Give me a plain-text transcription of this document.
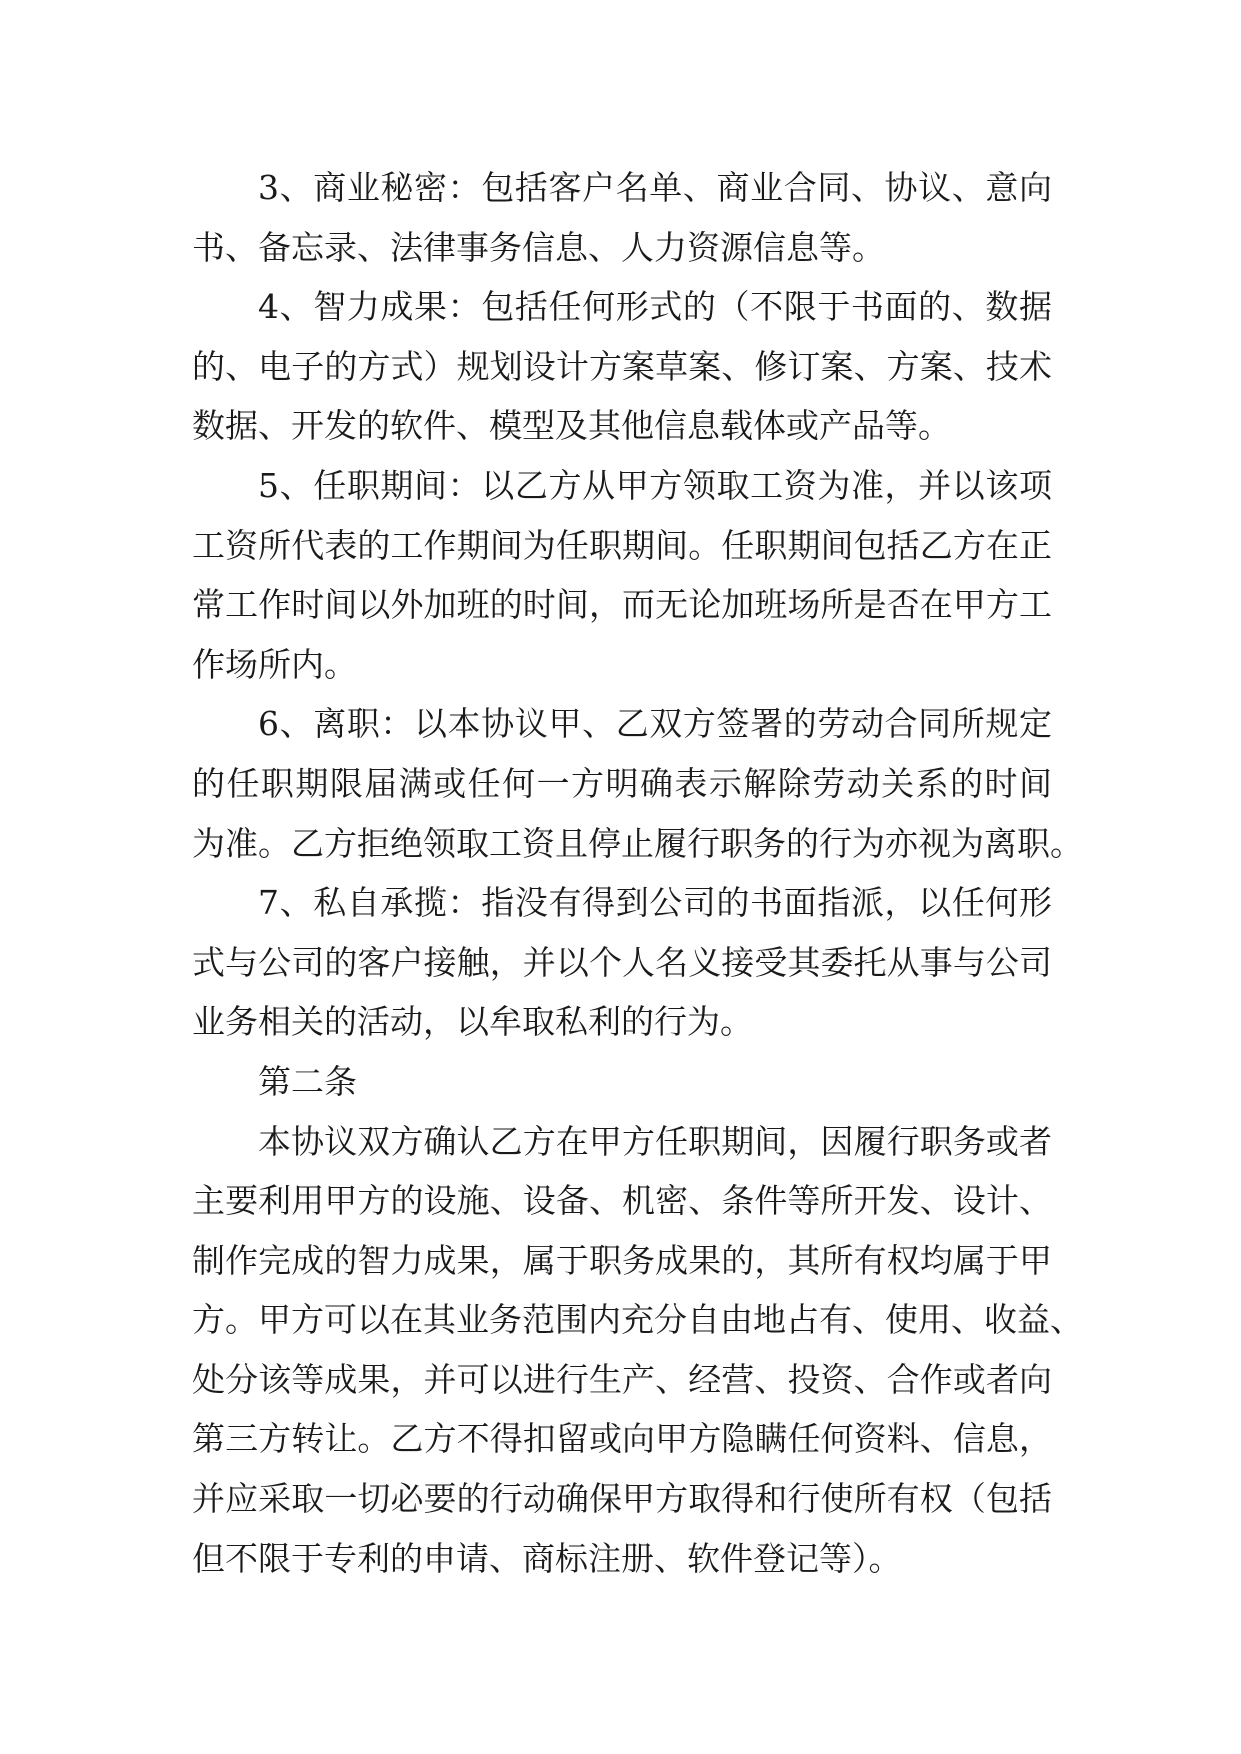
3、商业秘密：包括客户名单、商业合同、协议、意向
书、备忘录、法律事务信息、人力资源信息等。
4、智力成果：包括任何形式的（不限于书面的、数据
的、电子的方式）规划设计方案草案、修订案、方案、技术
数据、开发的软件、模型及其他信息载体或产品等。
5、任职期间：以乙方从甲方领取工资为准，并以该项
工资所代表的工作期间为任职期间。任职期间包括乙方在正
常工作时间以外加班的时间，而无论加班场所是否在甲方工
作场所内。
6、离职：以本协议甲、乙双方签署的劳动合同所规定
的任职期限届满或任何一方明确表示解除劳动关系的时间
为准。乙方拒绝领取工资且停止履行职务的行为亦视为离职。
7、私自承揽：指没有得到公司的书面指派，以任何形
式与公司的客户接触，并以个人名义接受其委托从事与公司
业务相关的活动，以牟取私利的行为。
第二条
本协议双方确认乙方在甲方任职期间，因履行职务或者
主要利用甲方的设施、设备、机密、条件等所开发、设计、
制作完成的智力成果，属于职务成果的，其所有权均属于甲
方。甲方可以在其业务范围内充分自由地占有、使用、收益、
处分该等成果，并可以进行生产、经营、投资、合作或者向
第三方转让。乙方不得扣留或向甲方隐瞒任何资料、信息，
并应采取一切必要的行动确保甲方取得和行使所有权（包括
但不限于专利的申请、商标注册、软件登记等）。
